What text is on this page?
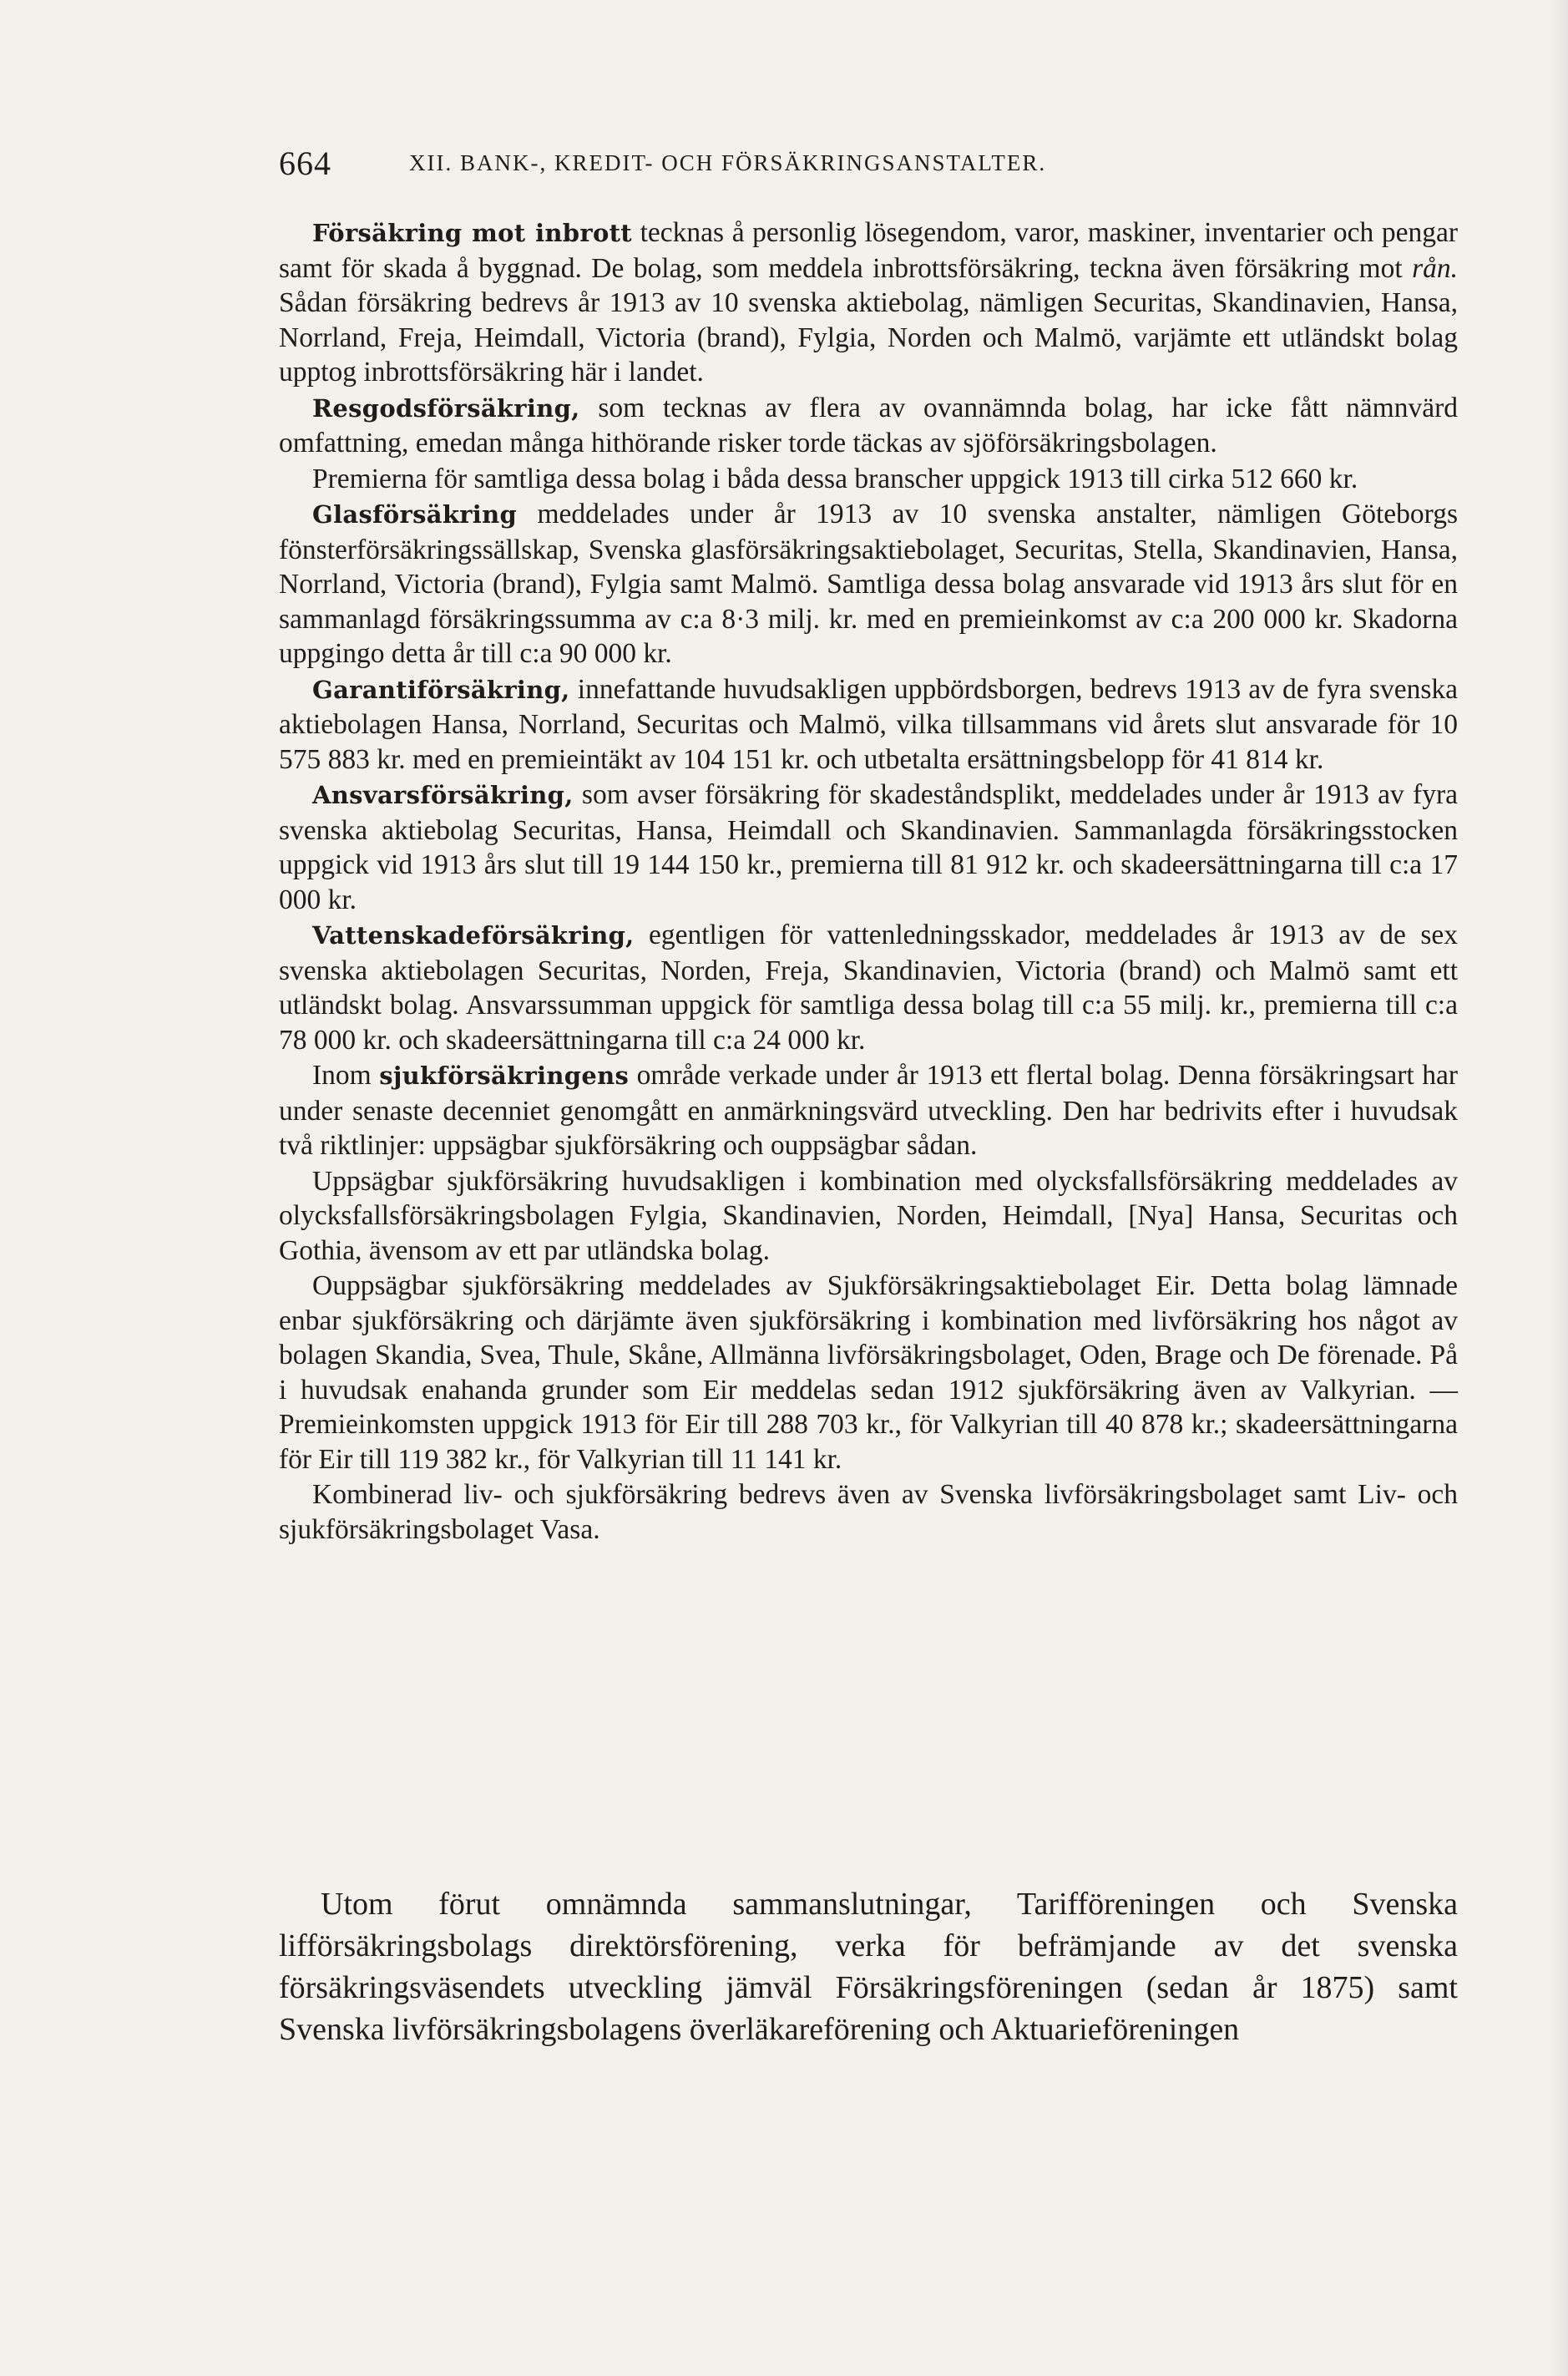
664	XII. BANK-, KREDIT- OCH FÖRSÄKRINGSANSTALTER.

Försäkring mot inbrott tecknas å personlig lösegendom, varor, maskiner, inventarier och pengar samt för skada å byggnad. De bolag, som meddela inbrottsförsäkring, teckna även försäkring mot rån. Sådan försäkring bedrevs år 1913 av 10 svenska aktiebolag, nämligen Securitas, Skandinavien, Hansa, Norrland, Freja, Heimdall, Victoria (brand), Fylgia, Norden och Malmö, varjämte ett utländskt bolag upptog inbrottsförsäkring här i landet.

Resgodsförsäkring, som tecknas av flera av ovannämnda bolag, har icke fått nämnvärd omfattning, emedan många hithörande risker torde täckas av sjöförsäkringsbolagen.

Premierna för samtliga dessa bolag i båda dessa branscher uppgick 1913 till cirka 512 660 kr.

Glasförsäkring meddelades under år 1913 av 10 svenska anstalter, nämligen Göteborgs fönsterförsäkringssällskap, Svenska glasförsäkringsaktiebolaget, Securitas, Stella, Skandinavien, Hansa, Norrland, Victoria (brand), Fylgia samt Malmö. Samtliga dessa bolag ansvarade vid 1913 års slut för en sammanlagd försäkringssumma av c:a 8·3 milj. kr. med en premieinkomst av c:a 200 000 kr. Skadorna uppgingo detta år till c:a 90 000 kr.

Garantiförsäkring, innefattande huvudsakligen uppbördsborgen, bedrevs 1913 av de fyra svenska aktiebolagen Hansa, Norrland, Securitas och Malmö, vilka tillsammans vid årets slut ansvarade för 10 575 883 kr. med en premieintäkt av 104 151 kr. och utbetalta ersättningsbelopp för 41 814 kr.

Ansvarsförsäkring, som avser försäkring för skadeståndsplikt, meddelades under år 1913 av fyra svenska aktiebolag Securitas, Hansa, Heimdall och Skandinavien. Sammanlagda försäkringsstocken uppgick vid 1913 års slut till 19 144 150 kr., premierna till 81 912 kr. och skadeersättningarna till c:a 17 000 kr.

Vattenskadeförsäkring, egentligen för vattenledningsskador, meddelades år 1913 av de sex svenska aktiebolagen Securitas, Norden, Freja, Skandinavien, Victoria (brand) och Malmö samt ett utländskt bolag. Ansvarssumman uppgick för samtliga dessa bolag till c:a 55 milj. kr., premierna till c:a 78 000 kr. och skadeersättningarna till c:a 24 000 kr.

Inom sjukförsäkringens område verkade under år 1913 ett flertal bolag. Denna försäkringsart har under senaste decenniet genomgått en anmärkningsvärd utveckling. Den har bedrivits efter i huvudsak två riktlinjer: uppsägbar sjukförsäkring och ouppsägbar sådan.

Uppsägbar sjukförsäkring huvudsakligen i kombination med olycksfallsförsäkring meddelades av olycksfallsförsäkringsbolagen Fylgia, Skandinavien, Norden, Heimdall, [Nya] Hansa, Securitas och Gothia, ävensom av ett par utländska bolag.

Ouppsägbar sjukförsäkring meddelades av Sjukförsäkringsaktiebolaget Eir. Detta bolag lämnade enbar sjukförsäkring och därjämte även sjukförsäkring i kombination med livförsäkring hos något av bolagen Skandia, Svea, Thule, Skåne, Allmänna livförsäkringsbolaget, Oden, Brage och De förenade. På i huvudsak enahanda grunder som Eir meddelas sedan 1912 sjukförsäkring även av Valkyrian. — Premieinkomsten uppgick 1913 för Eir till 288 703 kr., för Valkyrian till 40 878 kr.; skadeersättningarna för Eir till 119 382 kr., för Valkyrian till 11 141 kr.

Kombinerad liv- och sjukförsäkring bedrevs även av Svenska livförsäkringsbolaget samt Liv- och sjukförsäkringsbolaget Vasa.

Utom förut omnämnda sammanslutningar, Tarifföreningen och Svenska lifförsäkringsbolags direktörsförening, verka för befrämjande av det svenska försäkringsväsendets utveckling jämväl Försäkringsföreningen (sedan år 1875) samt Svenska livförsäkringsbolagens överläkareförening och Aktuarieföreningen
